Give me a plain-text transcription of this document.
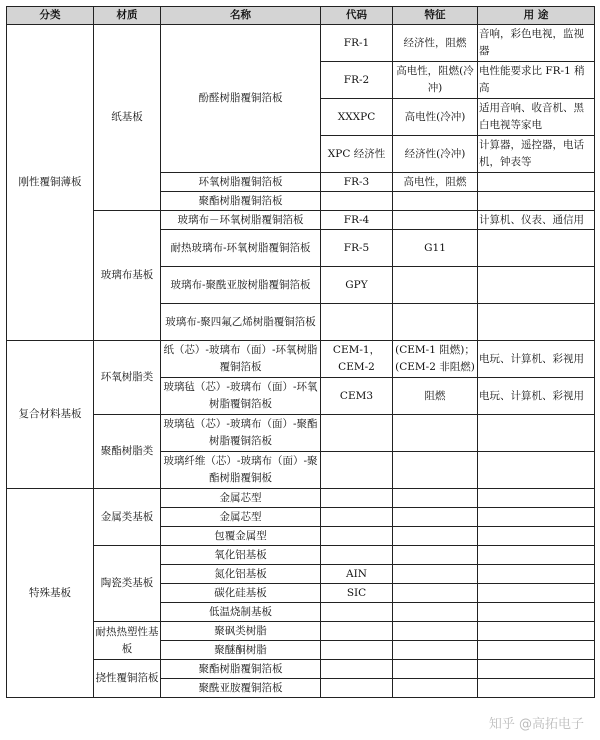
分类	材质	名称	代码	特征	用 途
刚性覆铜薄板	纸基板	酚醛树脂覆铜箔板	FR-1	经济性，阻燃	音响，彩色电视，监视器
			FR-2	高电性，阻燃(冷冲)	电性能要求比 FR-1 稍高
			XXXPC	高电性(冷冲)	适用音响、收音机、黑白电视等家电
			XPC 经济性	经济性(冷冲)	计算器，遥控器，电话机，钟表等
		环氧树脂覆铜箔板	FR-3	高电性，阻燃	
		聚酯树脂覆铜箔板			
	玻璃布基板	玻璃布－环氧树脂覆铜箔板	FR-4		计算机、仪表、通信用
		耐热玻璃布-环氧树脂覆铜箔板	FR-5	G11	
		玻璃布-聚酰亚胺树脂覆铜箔板	GPY		
		玻璃布-聚四氟乙烯树脂覆铜箔板			
复合材料基板	环氧树脂类	纸（芯）-玻璃布（面）-环氧树脂覆铜箔板	CEM-1，CEM-2	(CEM-1 阻燃)；(CEM-2 非阻燃)	电玩、计算机、彩视用
		玻璃毡（芯）-玻璃布（面）-环氧树脂覆铜箔板	CEM3	阻燃	电玩、计算机、彩视用
	聚酯树脂类	玻璃毡（芯）-玻璃布（面）-聚酯树脂覆铜箔板			
		玻璃纤维（芯）-玻璃布（面）-聚酯树脂覆铜板			
特殊基板	金属类基板	金属芯型			
		金属芯型			
		包覆金属型			
	陶瓷类基板	氧化铝基板			
		氮化铝基板	AIN		
		碳化硅基板	SIC		
		低温烧制基板			
	耐热热塑性基板	聚砜类树脂			
		聚醚酮树脂			
	挠性覆铜箔板	聚酯树脂覆铜箔板			
		聚酰亚胺覆铜箔板			
知乎 @高拓电子
